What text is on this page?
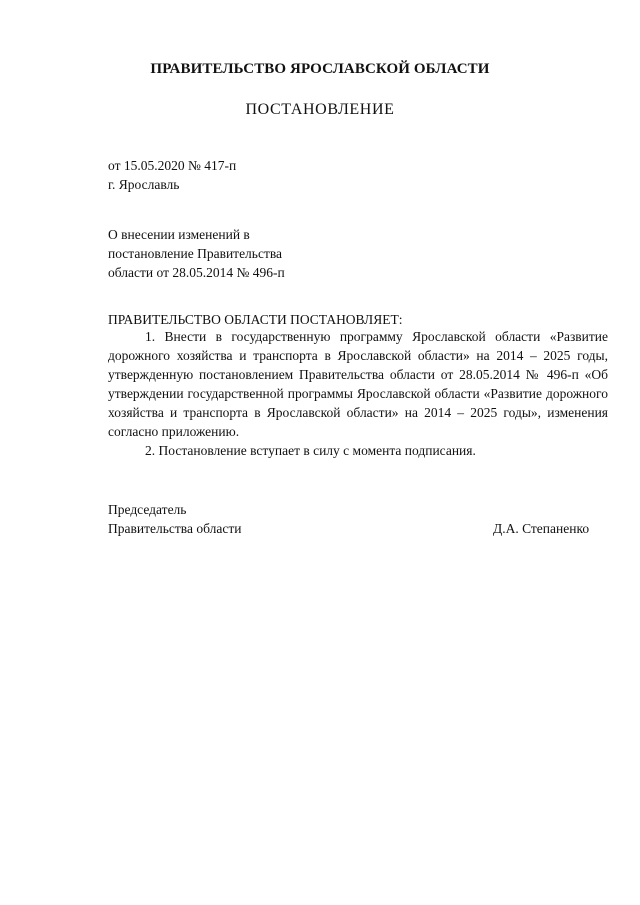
ПРАВИТЕЛЬСТВО ЯРОСЛАВСКОЙ ОБЛАСТИ
ПОСТАНОВЛЕНИЕ
от 15.05.2020 № 417-п
г. Ярославль
О внесении изменений в
постановление Правительства
области от 28.05.2014 № 496-п
ПРАВИТЕЛЬСТВО ОБЛАСТИ ПОСТАНОВЛЯЕТ:

1. Внести в государственную программу Ярославской области «Развитие дорожного хозяйства и транспорта в Ярославской области» на 2014 – 2025 годы, утвержденную постановлением Правительства области от 28.05.2014 № 496-п «Об утверждении государственной программы Ярославской области «Развитие дорожного хозяйства и транспорта в Ярославской области» на 2014 – 2025 годы», изменения согласно приложению.

2. Постановление вступает в силу с момента подписания.

Председатель
Правительства области	Д.А. Степаненко
